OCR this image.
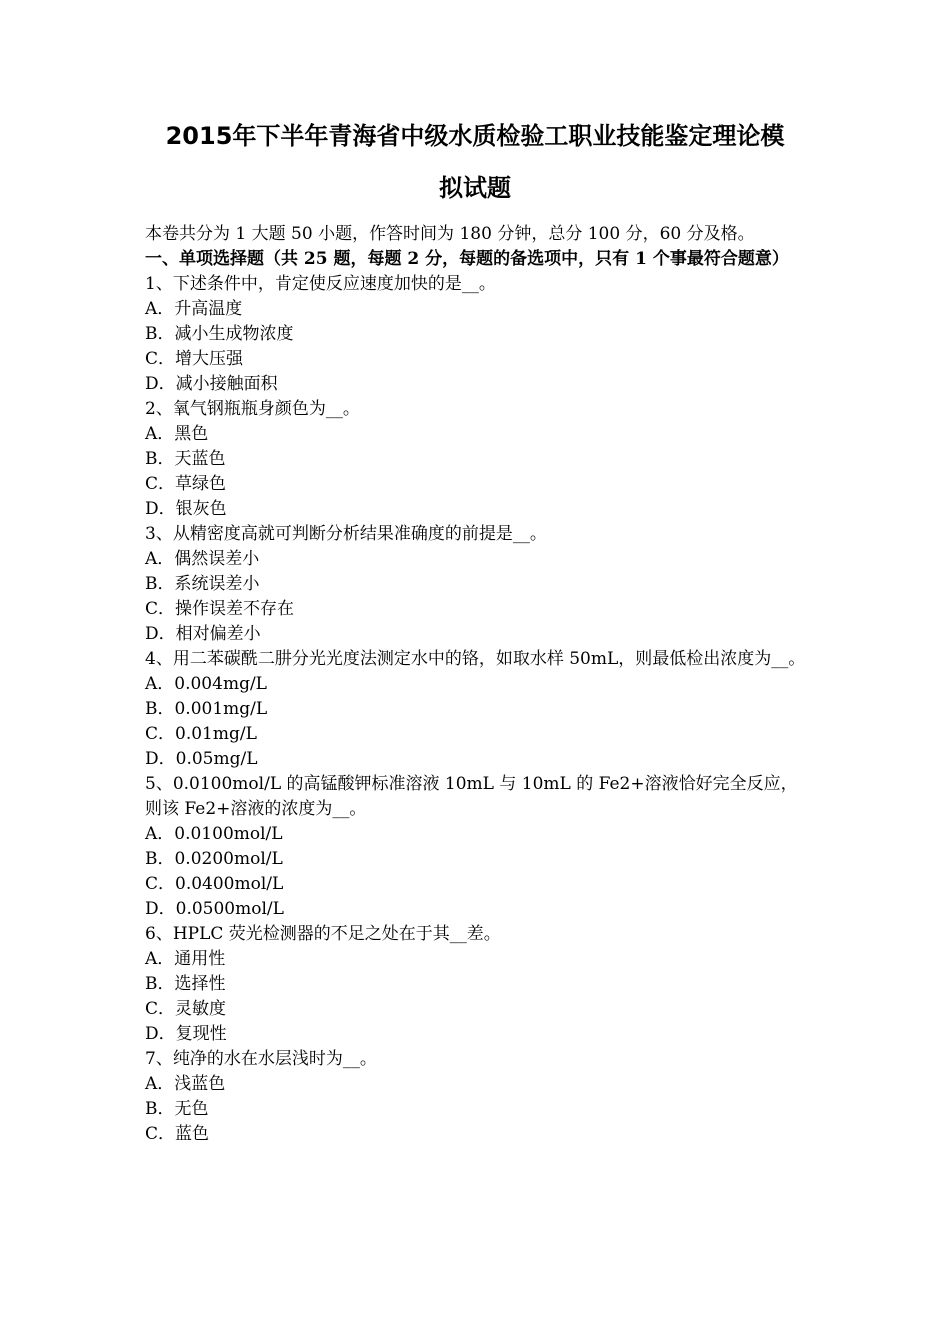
2015年下半年青海省中级水质检验工职业技能鉴定理论模
拟试题
本卷共分为 1 大题 50 小题，作答时间为 180 分钟，总分 100 分，60 分及格。
一、单项选择题（共 25 题，每题 2 分，每题的备选项中，只有 1 个事最符合题意）
1、下述条件中，肯定使反应速度加快的是__。
A．升高温度
B．减小生成物浓度
C．增大压强
D．减小接触面积
2、氧气钢瓶瓶身颜色为__。
A．黑色
B．天蓝色
C．草绿色
D．银灰色
3、从精密度高就可判断分析结果准确度的前提是__。
A．偶然误差小
B．系统误差小
C．操作误差不存在
D．相对偏差小
4、用二苯碳酰二肼分光光度法测定水中的铬，如取水样 50mL，则最低检出浓度为__。
A．0.004mg/L
B．0.001mg/L
C．0.01mg/L
D．0.05mg/L
5、0.0100mol/L 的高锰酸钾标准溶液 10mL 与 10mL 的 Fe2+溶液恰好完全反应，则该 Fe2+溶液的浓度为__。
A．0.0100mol/L
B．0.0200mol/L
C．0.0400mol/L
D．0.0500mol/L
6、HPLC 荧光检测器的不足之处在于其__差。
A．通用性
B．选择性
C．灵敏度
D．复现性
7、纯净的水在水层浅时为__。
A．浅蓝色
B．无色
C．蓝色
